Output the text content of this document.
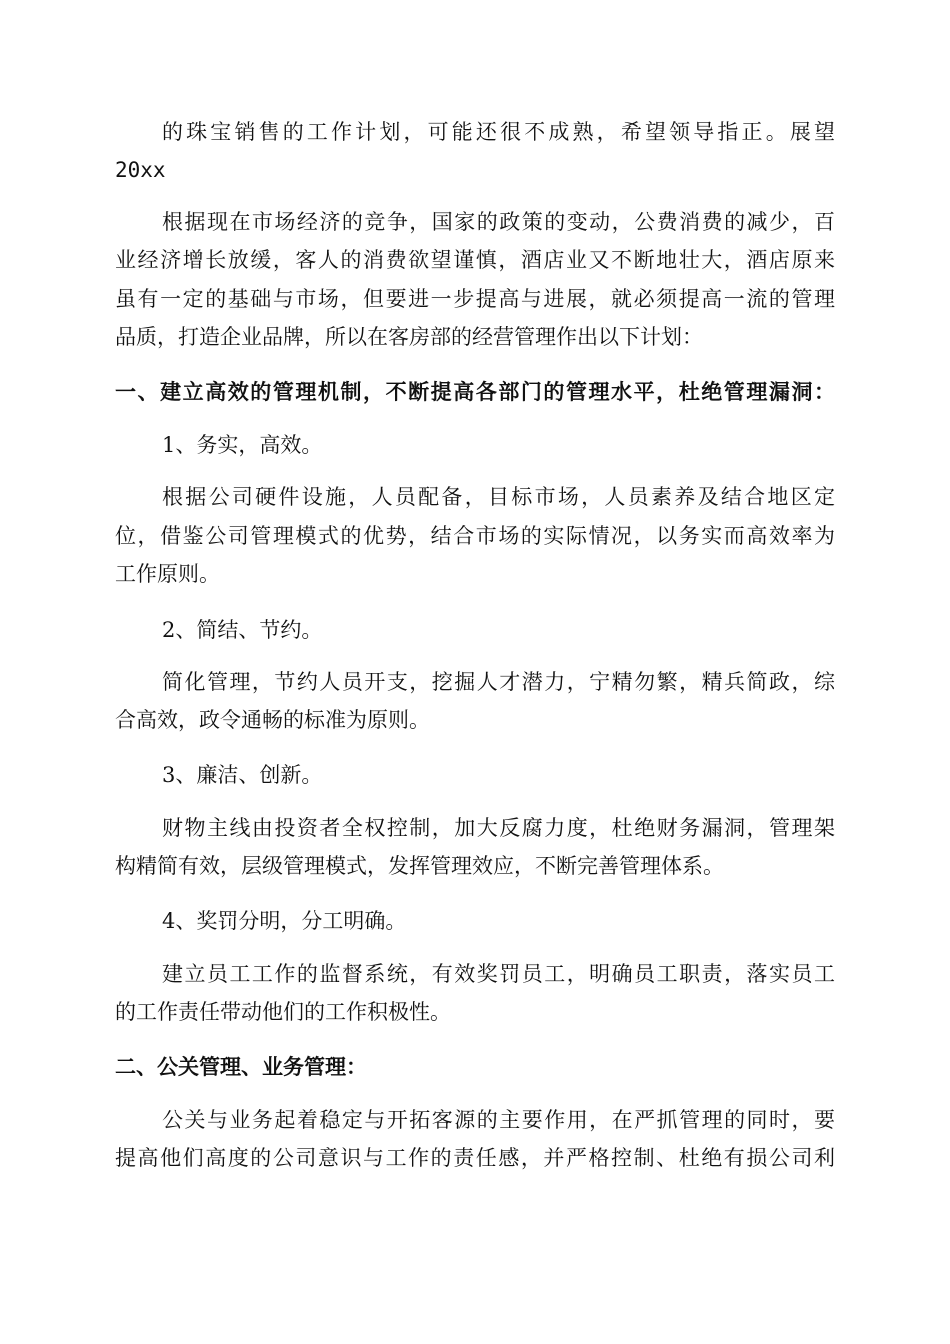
的珠宝销售的工作计划，可能还很不成熟，希望领导指正。展望
20xx
根据现在市场经济的竞争，国家的政策的变动，公费消费的减少，百
业经济增长放缓，客人的消费欲望谨慎，酒店业又不断地壮大，酒店原来
虽有一定的基础与市场，但要进一步提高与进展，就必须提高一流的管理
品质，打造企业品牌，所以在客房部的经营管理作出以下计划：
一、建立高效的管理机制，不断提高各部门的管理水平，杜绝管理漏洞：
1、务实，高效。
根据公司硬件设施，人员配备，目标市场，人员素养及结合地区定
位，借鉴公司管理模式的优势，结合市场的实际情况，以务实而高效率为
工作原则。
2、简结、节约。
简化管理，节约人员开支，挖掘人才潜力，宁精勿繁，精兵简政，综
合高效，政令通畅的标准为原则。
3、廉洁、创新。
财物主线由投资者全权控制，加大反腐力度，杜绝财务漏洞，管理架
构精简有效，层级管理模式，发挥管理效应，不断完善管理体系。
4、奖罚分明，分工明确。
建立员工工作的监督系统，有效奖罚员工，明确员工职责，落实员工
的工作责任带动他们的工作积极性。
二、公关管理、业务管理：
公关与业务起着稳定与开拓客源的主要作用，在严抓管理的同时，要
提高他们高度的公司意识与工作的责任感，并严格控制、杜绝有损公司利
